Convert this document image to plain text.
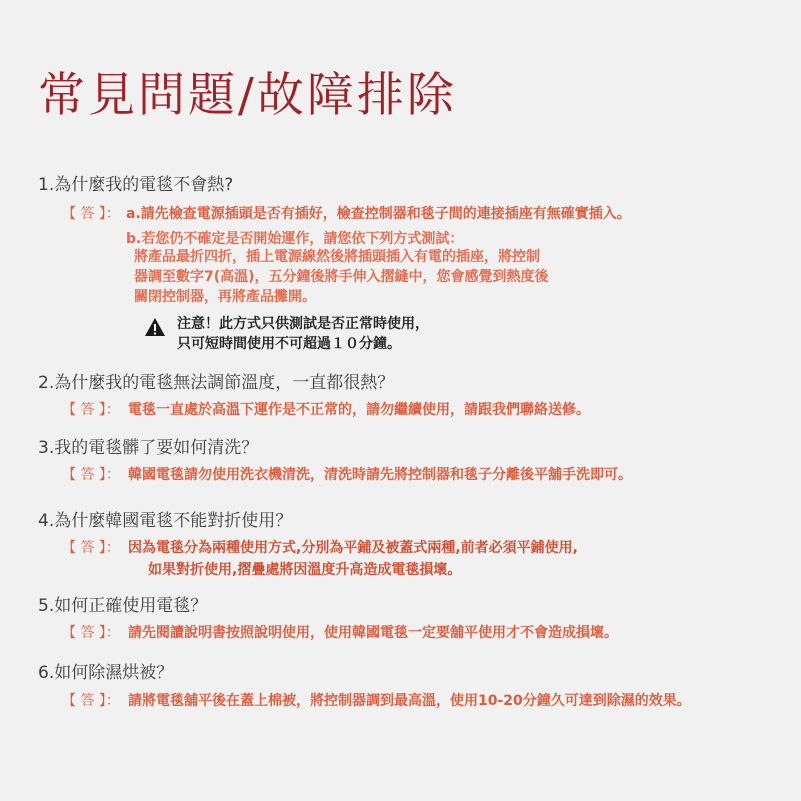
常見問題/故障排除
1.為什麼我的電毯不會熱?
【 答 】： a.請先檢查電源插頭是否有插好，檢查控制器和毯子間的連接插座有無確實插入。
b.若您仍不確定是否開始運作，請您依下列方式測試：
將產品最折四折，插上電源線然後將插頭插入有電的插座，將控制
器調至數字7(高溫)，五分鐘後將手伸入摺縫中，您會感覺到熱度後
關閉控制器，再將產品攤開。
注意！此方式只供測試是否正常時使用，
只可短時間使用不可超過１０分鐘。
2.為什麼我的電毯無法調節溫度，一直都很熱？
【 答 】： 電毯一直處於高溫下運作是不正常的，請勿繼續使用，請跟我們聯絡送修。
3.我的電毯髒了要如何清洗？
【 答 】： 韓國電毯請勿使用洗衣機清洗，清洗時請先將控制器和毯子分離後平舖手洗即可。
4.為什麼韓國電毯不能對折使用？
【 答 】： 因為電毯分為兩種使用方式,分別為平鋪及被蓋式兩種,前者必須平鋪使用,
如果對折使用,摺疊處將因溫度升高造成電毯損壞。
5.如何正確使用電毯？
【 答 】： 請先閱讀說明書按照說明使用，使用韓國電毯一定要舖平使用才不會造成損壞。
6.如何除濕烘被？
【 答 】： 請將電毯舖平後在蓋上棉被，將控制器調到最高溫，使用10-20分鐘久可達到除濕的效果。
